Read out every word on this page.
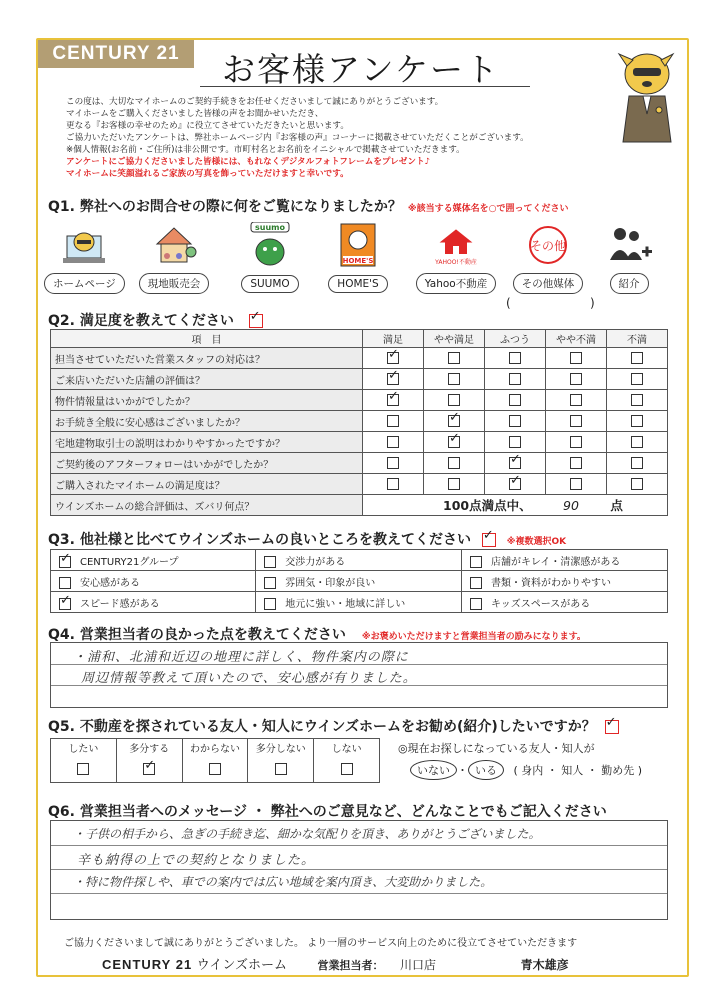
CENTURY 21	お客様アンケート
この度は、大切なマイホームのご契約手続きをお任せくださいまして誠にありがとうございます。
マイホームをご購入くださいました皆様の声をお聞かせいただき、
更なる『お客様の幸せのため』に役立てさせていただきたいと思います。
ご協力いただいたアンケートは、弊社ホームページ内『お客様の声』コーナーに掲載させていただくことがございます。
※個人情報(お名前・ご住所)は非公開です。市町村名とお名前をイニシャルで掲載させていただきます。
アンケートにご協力くださいました皆様には、もれなくデジタルフォトフレームをプレゼント♪
マイホームに笑顔溢れるご家族の写真を飾っていただけますと幸いです。
Q1. 弊社へのお問合せの際に何をご覧になりましたか？ ※該当する媒体名を○で囲ってください
ホームページ	現地販売会
suumo
SUUMO
HOME'S
HOME'S
YAHOO!不動産
Yahoo不動産
その他
その他媒体	紹介
(	)
Q2. 満足度を教えてください ✓
項　目	満足	やや満足	ふつう	やや不満	不満
担当させていただいた営業スタッフの対応は？	✓				
ご来店いただいた店舗の評価は？	✓				
物件情報量はいかがでしたか？	✓				
お手続き全般に安心感はございましたか？		✓			
宅地建物取引士の説明はわかりやすかったですか？		✓			
ご契約後のアフターフォローはいかがでしたか？			✓		
ご購入されたマイホームの満足度は？			✓		
ウインズホームの総合評価は、ズバリ何点？	100点満点中、 90 点				
Q3. 他社様と比べてウインズホームの良いところを教えてください ✓	※複数選択OK
✓CENTURY21グループ	交渉力がある	店舗がキレイ・清潔感がある
安心感がある	雰囲気・印象が良い	書類・資料がわかりやすい
✓スピード感がある	地元に強い・地域に詳しい	キッズスペースがある
Q4. 営業担当者の良かった点を教えてください ※お褒めいただけますと営業担当者の励みになります。
・浦和、北浦和近辺の地理に詳しく、物件案内の際に
周辺情報等教えて頂いたので、安心感が有りました。
Q5. 不動産を探されている友人・知人にウインズホームをお勧め(紹介)したいですか？ ✓
したい	多分する	わからない	多分しない	しない
	✓				◎現在お探しになっている友人・知人が
いない ・ いる ( 身内 ・ 知人 ・ 勤め先 )
Q6. 営業担当者へのメッセージ ・ 弊社へのご意見など、どんなことでもご記入ください
・子供の相手から、急ぎの手続き迄、細かな気配りを頂き、ありがとうございました。
辛も納得の上での契約となりました。
・特に物件探しや、車での案内では広い地域を案内頂き、大変助かりました。
ご協力くださいまして誠にありがとうございました。 より一層のサービス向上のために役立てさせていただきます
CENTURY 21 ウインズホーム	営業担当者： 川口店	青木雄彦
